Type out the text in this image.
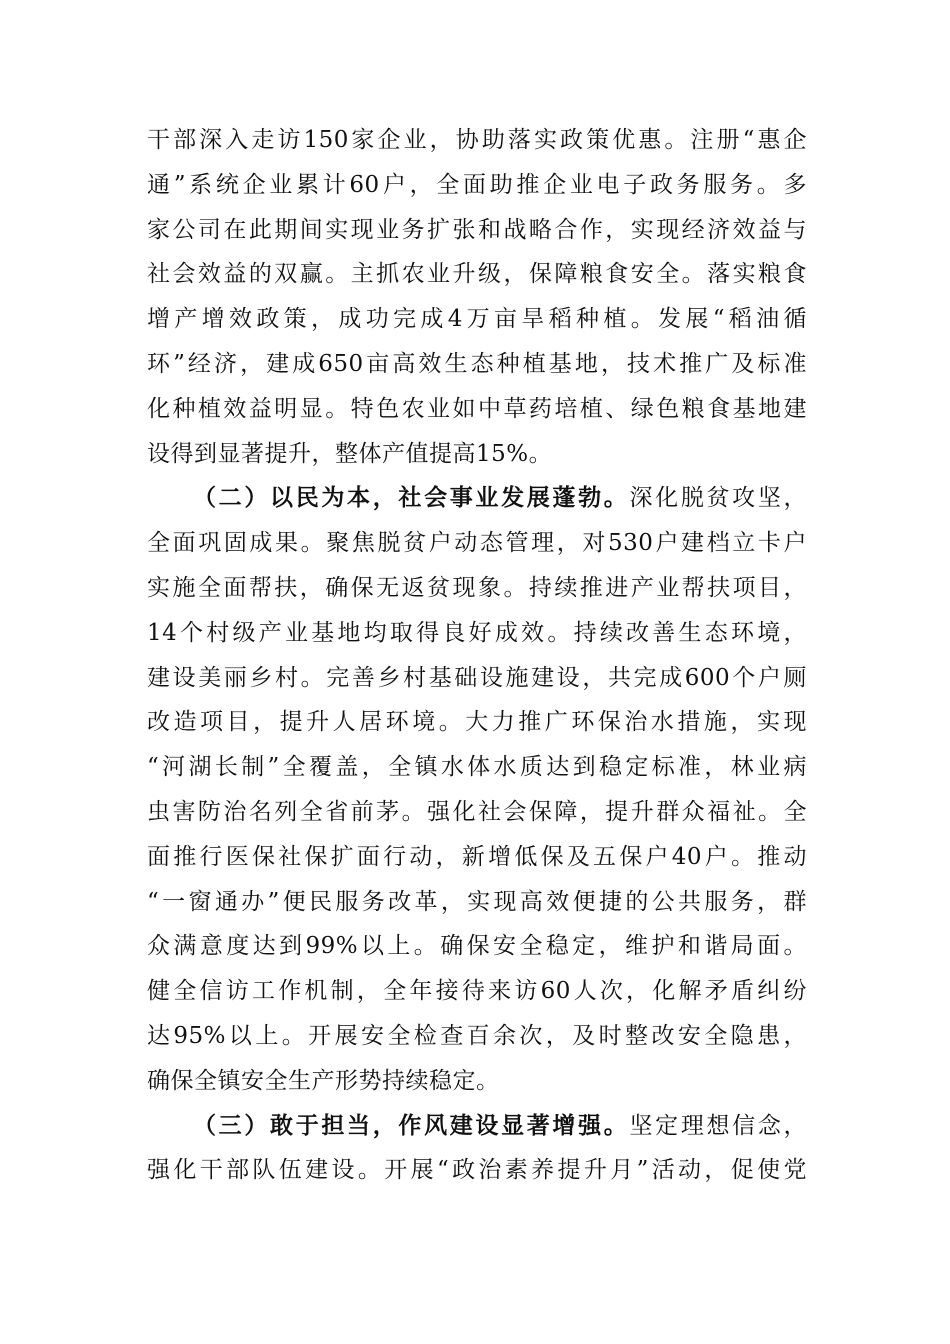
干部深入走访150家企业，协助落实政策优惠。注册“惠企
通”系统企业累计60户，全面助推企业电子政务服务。多
家公司在此期间实现业务扩张和战略合作，实现经济效益与
社会效益的双赢。主抓农业升级，保障粮食安全。落实粮食
增产增效政策，成功完成4万亩旱稻种植。发展“稻油循
环”经济，建成650亩高效生态种植基地，技术推广及标准
化种植效益明显。特色农业如中草药培植、绿色粮食基地建
设得到显著提升，整体产值提高15%。
（二）以民为本，社会事业发展蓬勃。深化脱贫攻坚，
全面巩固成果。聚焦脱贫户动态管理，对530户建档立卡户
实施全面帮扶，确保无返贫现象。持续推进产业帮扶项目，
14个村级产业基地均取得良好成效。持续改善生态环境，
建设美丽乡村。完善乡村基础设施建设，共完成600个户厕
改造项目，提升人居环境。大力推广环保治水措施，实现
“河湖长制”全覆盖，全镇水体水质达到稳定标准，林业病
虫害防治名列全省前茅。强化社会保障，提升群众福祉。全
面推行医保社保扩面行动，新增低保及五保户40户。推动
“一窗通办”便民服务改革，实现高效便捷的公共服务，群
众满意度达到99%以上。确保安全稳定，维护和谐局面。
健全信访工作机制，全年接待来访60人次，化解矛盾纠纷
达95%以上。开展安全检查百余次，及时整改安全隐患，
确保全镇安全生产形势持续稳定。
（三）敢于担当，作风建设显著增强。坚定理想信念，
强化干部队伍建设。开展“政治素养提升月”活动，促使党
